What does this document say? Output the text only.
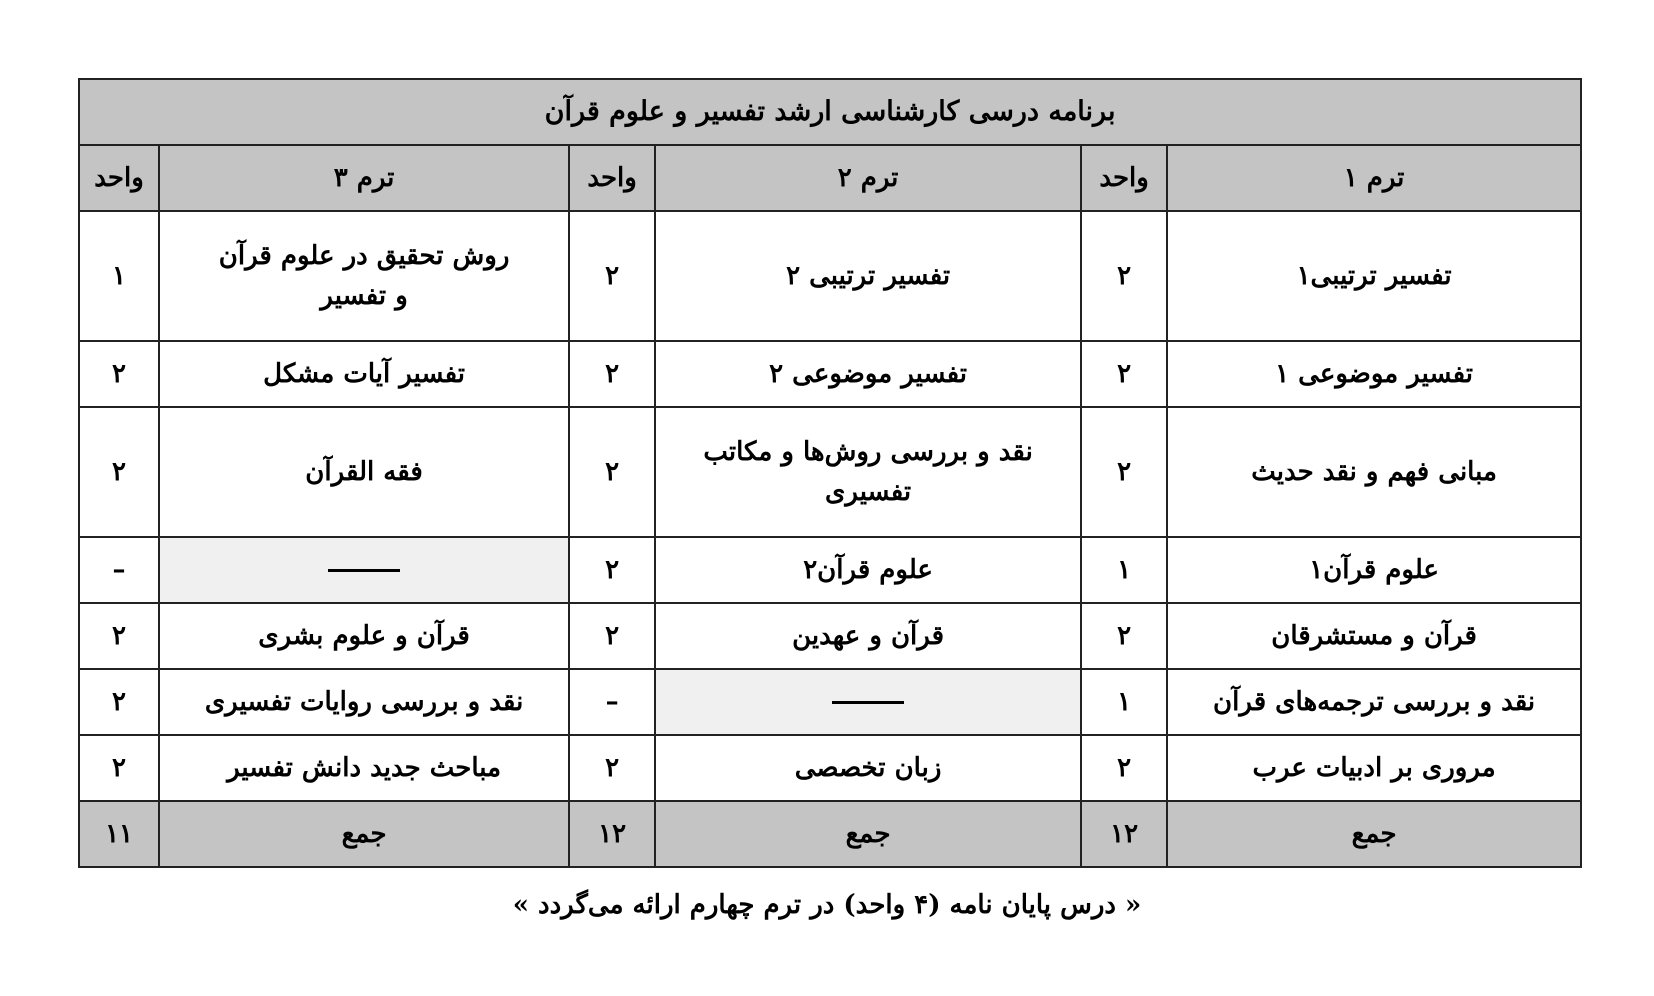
برنامه درسی کارشناسی ارشد تفسیر و علوم قرآن					
ترم ۱	واحد	ترم ۲	واحد	ترم ۳	واحد
تفسیر ترتیبی۱	۲	تفسیر ترتیبی ۲	۲	روش تحقیق در علوم قرآن و تفسیر	۱
تفسیر موضوعی ۱	۲	تفسیر موضوعی ۲	۲	تفسیر آیات مشکل	۲
مبانی فهم و نقد حدیث	۲	نقد و بررسی روش‌ها و مکاتب تفسیری	۲	فقه القرآن	۲
علوم قرآن۱	۱	علوم قرآن۲	۲		–
قرآن و مستشرقان	۲	قرآن و عهدین	۲	قرآن و علوم بشری	۲
نقد و بررسی ترجمه‌های قرآن	۱		–	نقد و بررسی روایات تفسیری	۲
مروری بر ادبیات عرب	۲	زبان تخصصی	۲	مباحث جدید دانش تفسیر	۲
جمع	۱۲	جمع	۱۲	جمع	۱۱
« درس پایان نامه (۴ واحد) در ترم چهارم ارائه می‌گردد »
